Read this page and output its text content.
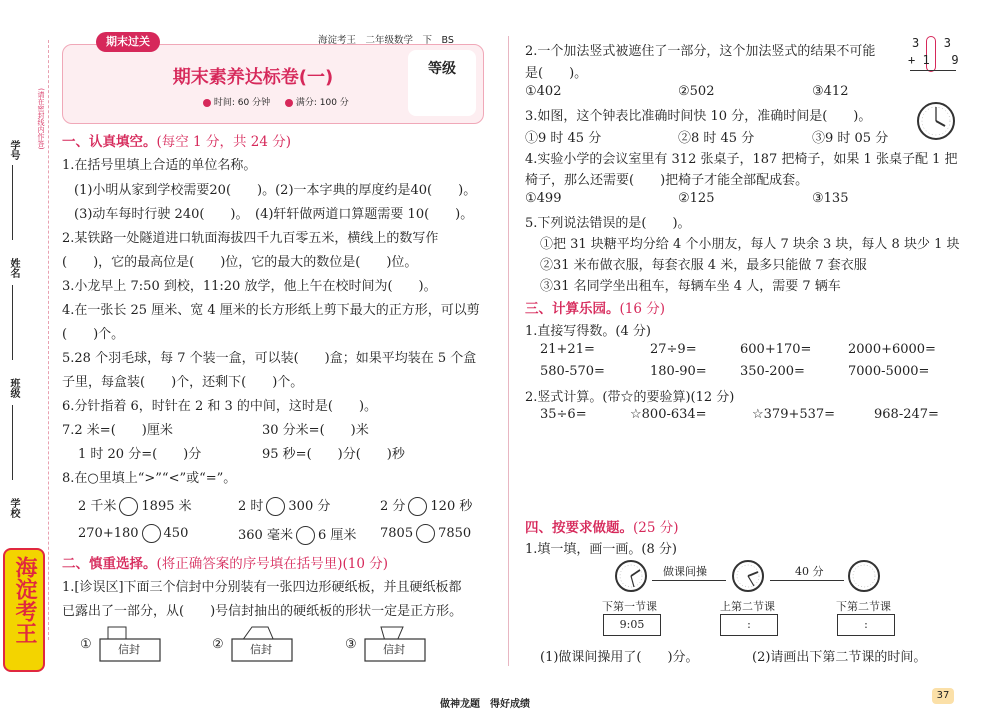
(请在密封线内作答)
学号
姓名
班级
学校
海淀考王
等级
期末素养达标卷(一)
时间: 60 分钟	满分: 100 分
期末过关	海淀考王　二年级数学　下　BS
一、认真填空。(每空 1 分，共 24 分)
1.在括号里填上合适的单位名称。
(1)小明从家到学校需要20(　　)。(2)一本字典的厚度约是40(　　)。
(3)动车每时行驶 240(　　)。　(4)轩轩做两道口算题需要 10(　　)。
2.某铁路一处隧道进口轨面海拔四千九百零五米，横线上的数写作
(　　)，它的最高位是(　　)位，它的最大的数位是(　　)位。
3.小龙早上 7:50 到校，11:20 放学，他上午在校时间为(　　)。
4.在一张长 25 厘米、宽 4 厘米的长方形纸上剪下最大的正方形，可以剪
(　　)个。
5.28 个羽毛球，每 7 个装一盒，可以装(　　)盒；如果平均装在 5 个盒
子里，每盒装(　　)个，还剩下(　　)个。
6.分针指着 6，时针在 2 和 3 的中间，这时是(　　)。
7.2 米=(　　)厘米	30 分米=(　　)米
1 时 20 分=(　　)分	95 秒=(　　)分(　　)秒
8.在○里填上“>”“<”或“=”。
2 千米 1895 米	2 时 300 分	2 分 120 秒
270+180 450	360 毫米 6 厘米 7805 7850
二、慎重选择。(将正确答案的序号填在括号里)(10 分)
1.[诊误区]下面三个信封中分别装有一张四边形硬纸板，并且硬纸板都
已露出了一部分，从(　　)号信封抽出的硬纸板的形状一定是正方形。
① 信封	② 信封	③ 信封
2.一个加法竖式被遮住了一部分，这个加法竖式的结果不可能
是(　　)。
3 3
+ 1 9
①402	②502	③412
3.如图，这个钟表比准确时间快 10 分，准确时间是(　　)。
①9 时 45 分	②8 时 45 分	③9 时 05 分
4.实验小学的会议室里有 312 张桌子，187 把椅子，如果 1 张桌子配 1 把
椅子，那么还需要(　　)把椅子才能全部配成套。
①499	②125	③135
5.下列说法错误的是(　　)。
①把 31 块糖平均分给 4 个小朋友，每人 7 块余 3 块，每人 8 块少 1 块
②31 米布做衣服，每套衣服 4 米，最多只能做 7 套衣服
③31 名同学坐出租车，每辆车坐 4 人，需要 7 辆车
三、计算乐园。(16 分)
1.直接写得数。(4 分)
21+21=	27÷9=	600+170=	2000+6000=
580-570=	180-90=	350-200=	7000-5000=
2.竖式计算。(带☆的要验算)(12 分)
35÷6=	☆800-634=	☆379+537=	968-247=
四、按要求做题。(25 分)
1.填一填，画一画。(8 分)
做课间操	40 分
下第一节课	上第二节课	下第二节课
9:05	:	:
(1)做课间操用了(　　)分。	(2)请画出下第二节课的时间。
做神龙题　得好成绩
37
